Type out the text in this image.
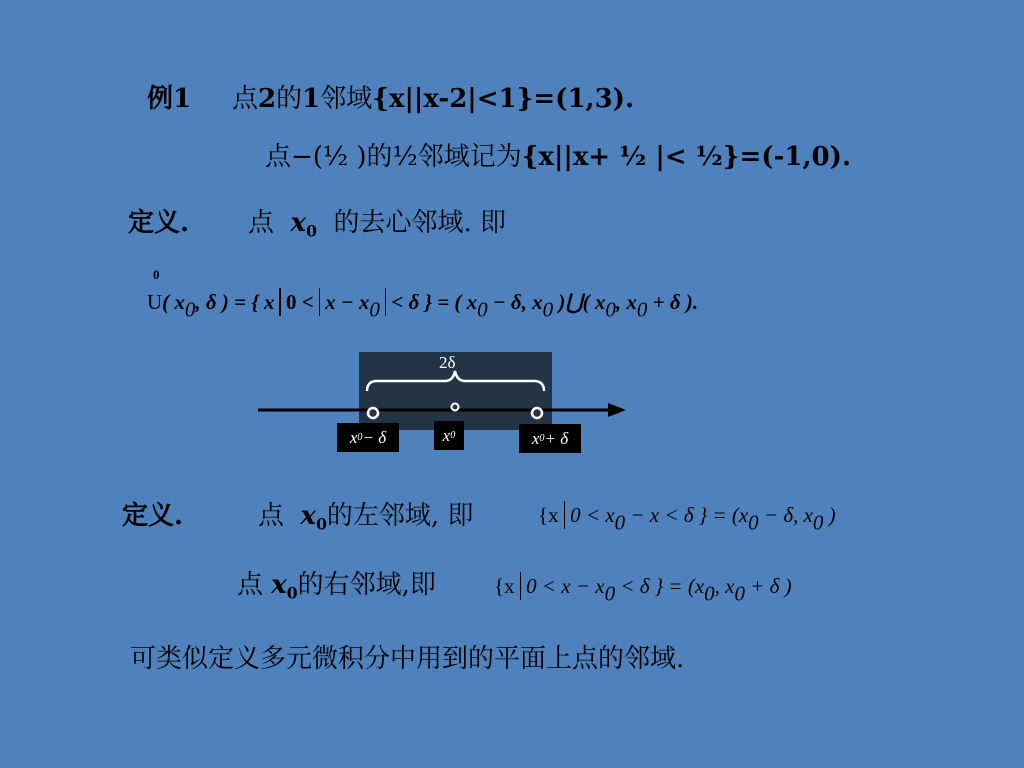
例1 点2的1邻域{x||x-2|<1}=(1,3).
点−(½ )的½邻域记为{x||x+ ½ |< ½}=(-1,0).
定义. 点 $x_0$ 的去心邻域. 即
0
U( x0, δ ) = { x 0 < x − x0 < δ } = ( x0 − δ, x0 )⋃( x0, x0 + δ ).
2δ
x 0 − δ	x 0	x 0 + δ
定义.	点 $x_0$的左邻域, 即	{x 0 < x0 − x < δ } = (x0 − δ, x0 )
点 $x_0$的右邻域,即	{x 0 < x − x0 < δ } = (x0, x0 + δ )
可类似定义多元微积分中用到的平面上点的邻域.
